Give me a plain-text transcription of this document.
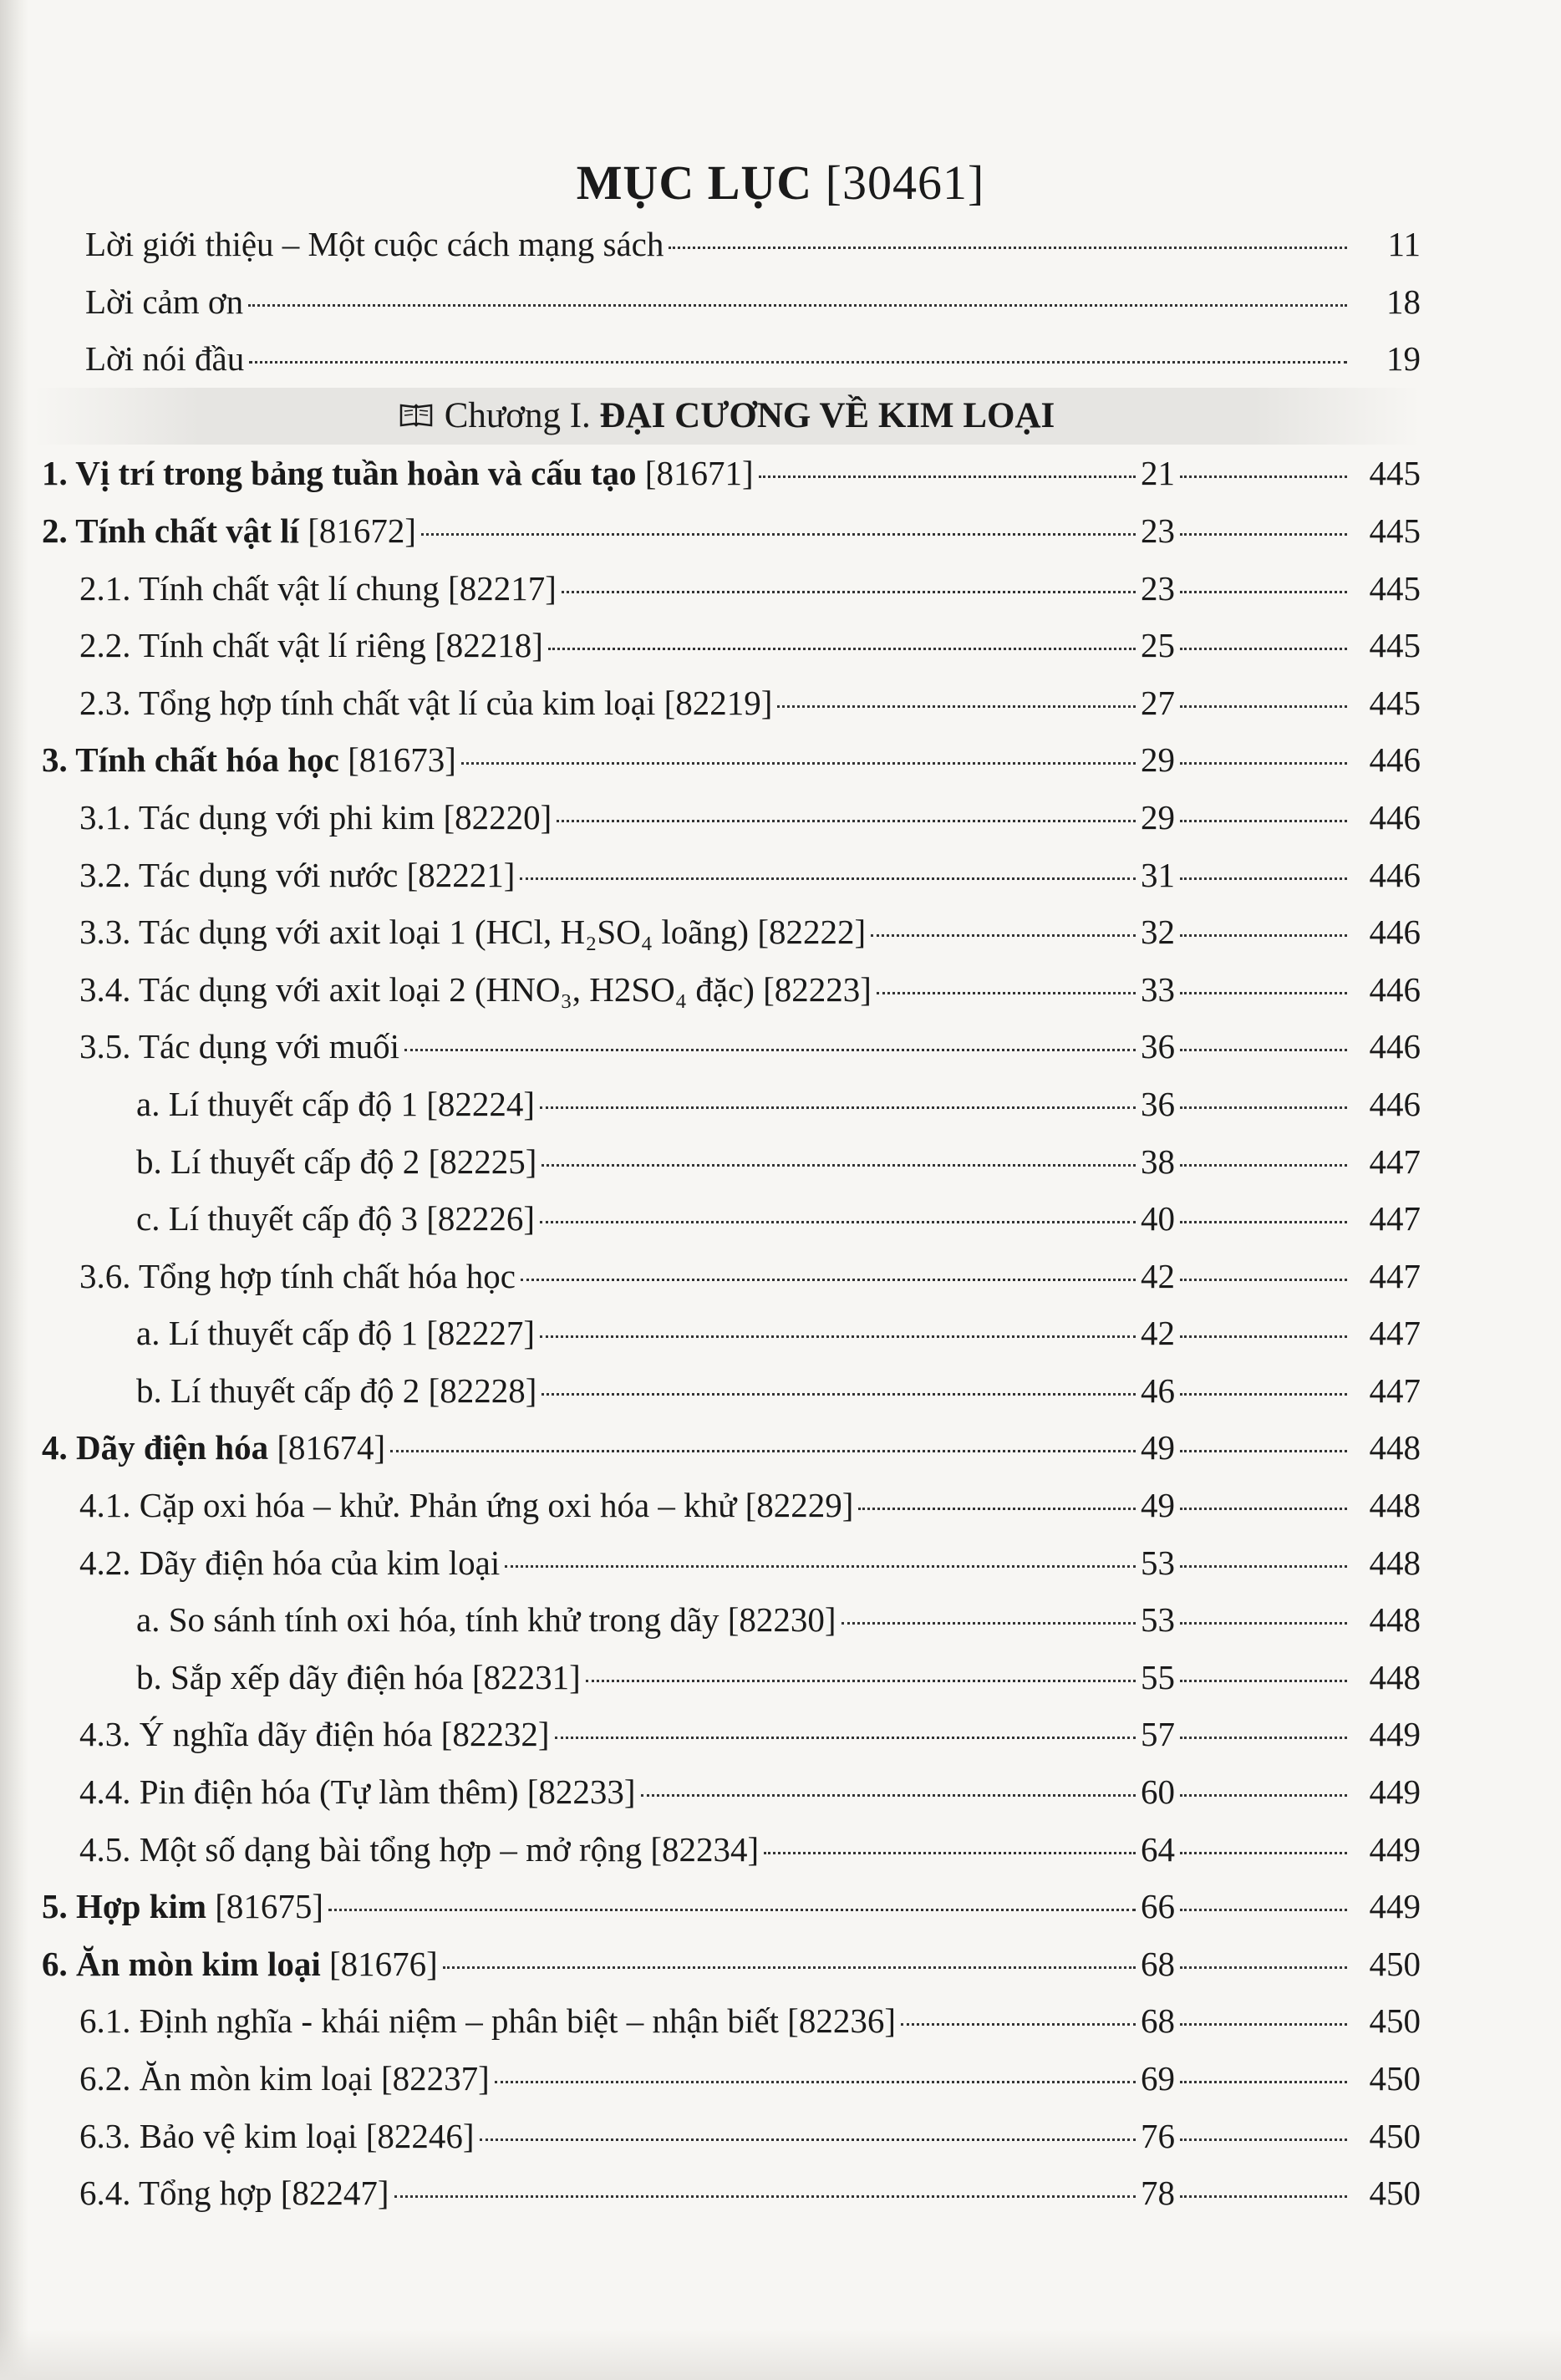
MỤC LỤC [30461]
Lời giới thiệu – Một cuộc cách mạng sách	11
Lời cảm ơn	18
Lời nói đầu	19
Chương I. ĐẠI CƯƠNG VỀ KIM LOẠI
1. Vị trí trong bảng tuần hoàn và cấu tạo [81671]	21	445
2. Tính chất vật lí [81672]	23	445
2.1. Tính chất vật lí chung [82217]	23	445
2.2. Tính chất vật lí riêng [82218]	25	445
2.3. Tổng hợp tính chất vật lí của kim loại [82219]	27	445
3. Tính chất hóa học [81673]	29	446
3.1. Tác dụng với phi kim [82220]	29	446
3.2. Tác dụng với nước [82221]	31	446
3.3. Tác dụng với axit loại 1 (HCl, H₂SO₄ loãng) [82222]	32	446
3.4. Tác dụng với axit loại 2 (HNO₃, H2SO₄ đặc) [82223]	33	446
3.5. Tác dụng với muối	36	446
a. Lí thuyết cấp độ 1 [82224]	36	446
b. Lí thuyết cấp độ 2 [82225]	38	447
c. Lí thuyết cấp độ 3 [82226]	40	447
3.6. Tổng hợp tính chất hóa học	42	447
a. Lí thuyết cấp độ 1 [82227]	42	447
b. Lí thuyết cấp độ 2 [82228]	46	447
4. Dãy điện hóa [81674]	49	448
4.1. Cặp oxi hóa – khử. Phản ứng oxi hóa – khử [82229]	49	448
4.2. Dãy điện hóa của kim loại	53	448
a. So sánh tính oxi hóa, tính khử trong dãy [82230]	53	448
b. Sắp xếp dãy điện hóa [82231]	55	448
4.3. Ý nghĩa dãy điện hóa [82232]	57	449
4.4. Pin điện hóa (Tự làm thêm) [82233]	60	449
4.5. Một số dạng bài tổng hợp – mở rộng [82234]	64	449
5. Hợp kim [81675]	66	449
6. Ăn mòn kim loại [81676]	68	450
6.1. Định nghĩa - khái niệm – phân biệt – nhận biết [82236]	68	450
6.2. Ăn mòn kim loại [82237]	69	450
6.3. Bảo vệ kim loại [82246]	76	450
6.4. Tổng hợp [82247]	78	450
